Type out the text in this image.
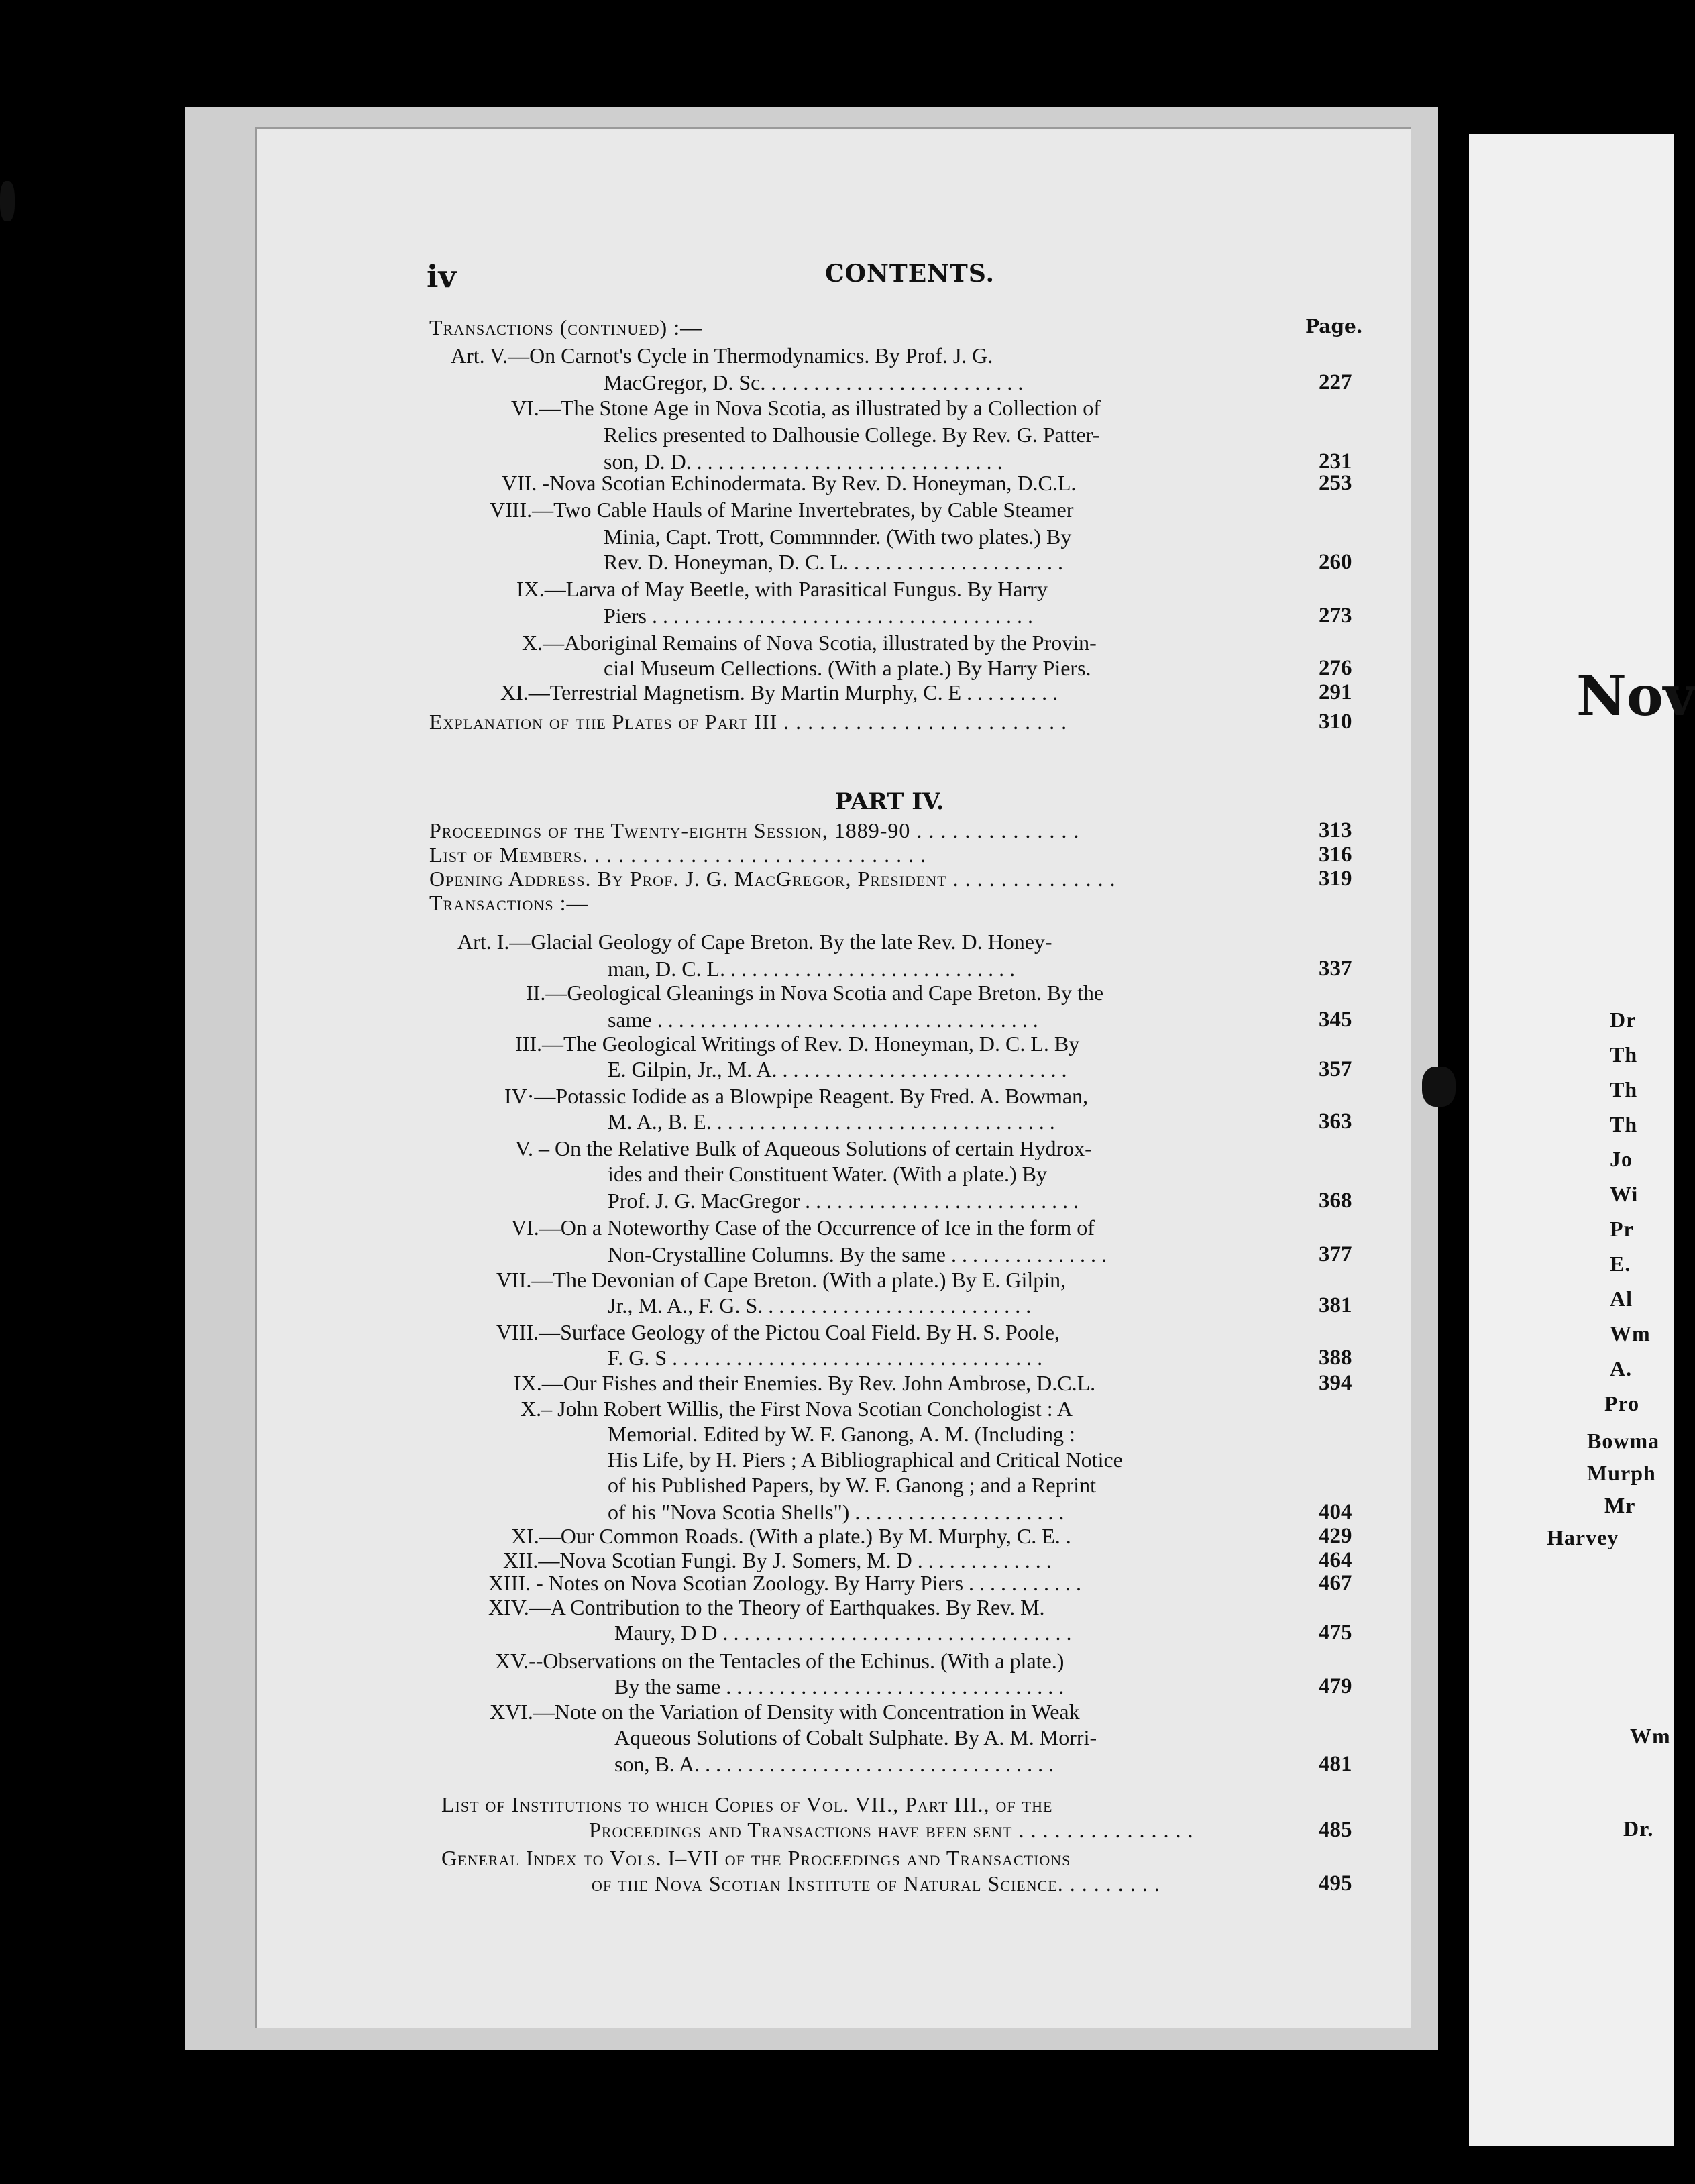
iv	CONTENTS.
Page.
PART IV.
Transactions (continued) :—
Art. V.—On Carnot's Cycle in Thermodynamics. By Prof. J. G.
MacGregor, D. Sc. . . . . . . . . . . . . . . . . . . . . . . . .	227
VI.—The Stone Age in Nova Scotia, as illustrated by a Collection of
Relics presented to Dalhousie College. By Rev. G. Patter-
son, D. D. . . . . . . . . . . . . . . . . . . . . . . . . . . . . .	231
VII. -Nova Scotian Echinodermata. By Rev. D. Honeyman, D.C.L.	253
VIII.—Two Cable Hauls of Marine Invertebrates, by Cable Steamer
Minia, Capt. Trott, Commnnder. (With two plates.) By
Rev. D. Honeyman, D. C. L. . . . . . . . . . . . . . . . . . . . .	260
IX.—Larva of May Beetle, with Parasitical Fungus. By Harry
Piers . . . . . . . . . . . . . . . . . . . . . . . . . . . . . . . . . . . .	273
X.—Aboriginal Remains of Nova Scotia, illustrated by the Provin-
cial Museum Cellections. (With a plate.) By Harry Piers.	276
XI.—Terrestrial Magnetism. By Martin Murphy, C. E . . . . . . . . .	291
Explanation of the Plates of Part III . . . . . . . . . . . . . . . . . . . . . . . .	310
Proceedings of the Twenty-eighth Session, 1889-90 . . . . . . . . . . . . . .	313
List of Members. . . . . . . . . . . . . . . . . . . . . . . . . . . . .	316
Opening Address. By Prof. J. G. MacGregor, President . . . . . . . . . . . . . .	319
Transactions :—
Art. I.—Glacial Geology of Cape Breton. By the late Rev. D. Honey-
man, D. C. L. . . . . . . . . . . . . . . . . . . . . . . . . . . .	337
II.—Geological Gleanings in Nova Scotia and Cape Breton. By the
same . . . . . . . . . . . . . . . . . . . . . . . . . . . . . . . . . . . .	345
III.—The Geological Writings of Rev. D. Honeyman, D. C. L. By
E. Gilpin, Jr., M. A. . . . . . . . . . . . . . . . . . . . . . . . . . . .	357
IV·—Potassic Iodide as a Blowpipe Reagent. By Fred. A. Bowman,
M. A., B. E. . . . . . . . . . . . . . . . . . . . . . . . . . . . . . . . .	363
V. – On the Relative Bulk of Aqueous Solutions of certain Hydrox-
ides and their Constituent Water. (With a plate.) By
Prof. J. G. MacGregor . . . . . . . . . . . . . . . . . . . . . . . . . .	368
VI.—On a Noteworthy Case of the Occurrence of Ice in the form of
Non-Crystalline Columns. By the same . . . . . . . . . . . . . . .	377
VII.—The Devonian of Cape Breton. (With a plate.) By E. Gilpin,
Jr., M. A., F. G. S. . . . . . . . . . . . . . . . . . . . . . . . . .	381
VIII.—Surface Geology of the Pictou Coal Field. By H. S. Poole,
F. G. S . . . . . . . . . . . . . . . . . . . . . . . . . . . . . . . . . . .	388
IX.—Our Fishes and their Enemies. By Rev. John Ambrose, D.C.L.	394
X.– John Robert Willis, the First Nova Scotian Conchologist : A
Memorial. Edited by W. F. Ganong, A. M. (Including :
His Life, by H. Piers ; A Bibliographical and Critical Notice
of his Published Papers, by W. F. Ganong ; and a Reprint
of his "Nova Scotia Shells") . . . . . . . . . . . . . . . . . . . .	404
XI.—Our Common Roads. (With a plate.) By M. Murphy, C. E. .	429
XII.—Nova Scotian Fungi. By J. Somers, M. D . . . . . . . . . . . . .	464
XIII. - Notes on Nova Scotian Zoology. By Harry Piers . . . . . . . . . . .	467
XIV.—A Contribution to the Theory of Earthquakes. By Rev. M.
Maury, D D . . . . . . . . . . . . . . . . . . . . . . . . . . . . . . . . .	475
XV.--Observations on the Tentacles of the Echinus. (With a plate.)
By the same . . . . . . . . . . . . . . . . . . . . . . . . . . . . . . . .	479
XVI.—Note on the Variation of Density with Concentration in Weak
Aqueous Solutions of Cobalt Sulphate. By A. M. Morri-
son, B. A. . . . . . . . . . . . . . . . . . . . . . . . . . . . . . . . . .	481
List of Institutions to which Copies of Vol. VII., Part III., of the
Proceedings and Transactions have been sent . . . . . . . . . . . . . . .	485
General Index to Vols. I–VII of the Proceedings and Transactions
of the Nova Scotian Institute of Natural Science. . . . . . . . .	495
Nov
Dr
Th
Th
Th
Jo
Wi
Pr
E.
Al
Wm
A.
Pro
Bowma
Murph
Mr
Harvey
Wm
Dr.
